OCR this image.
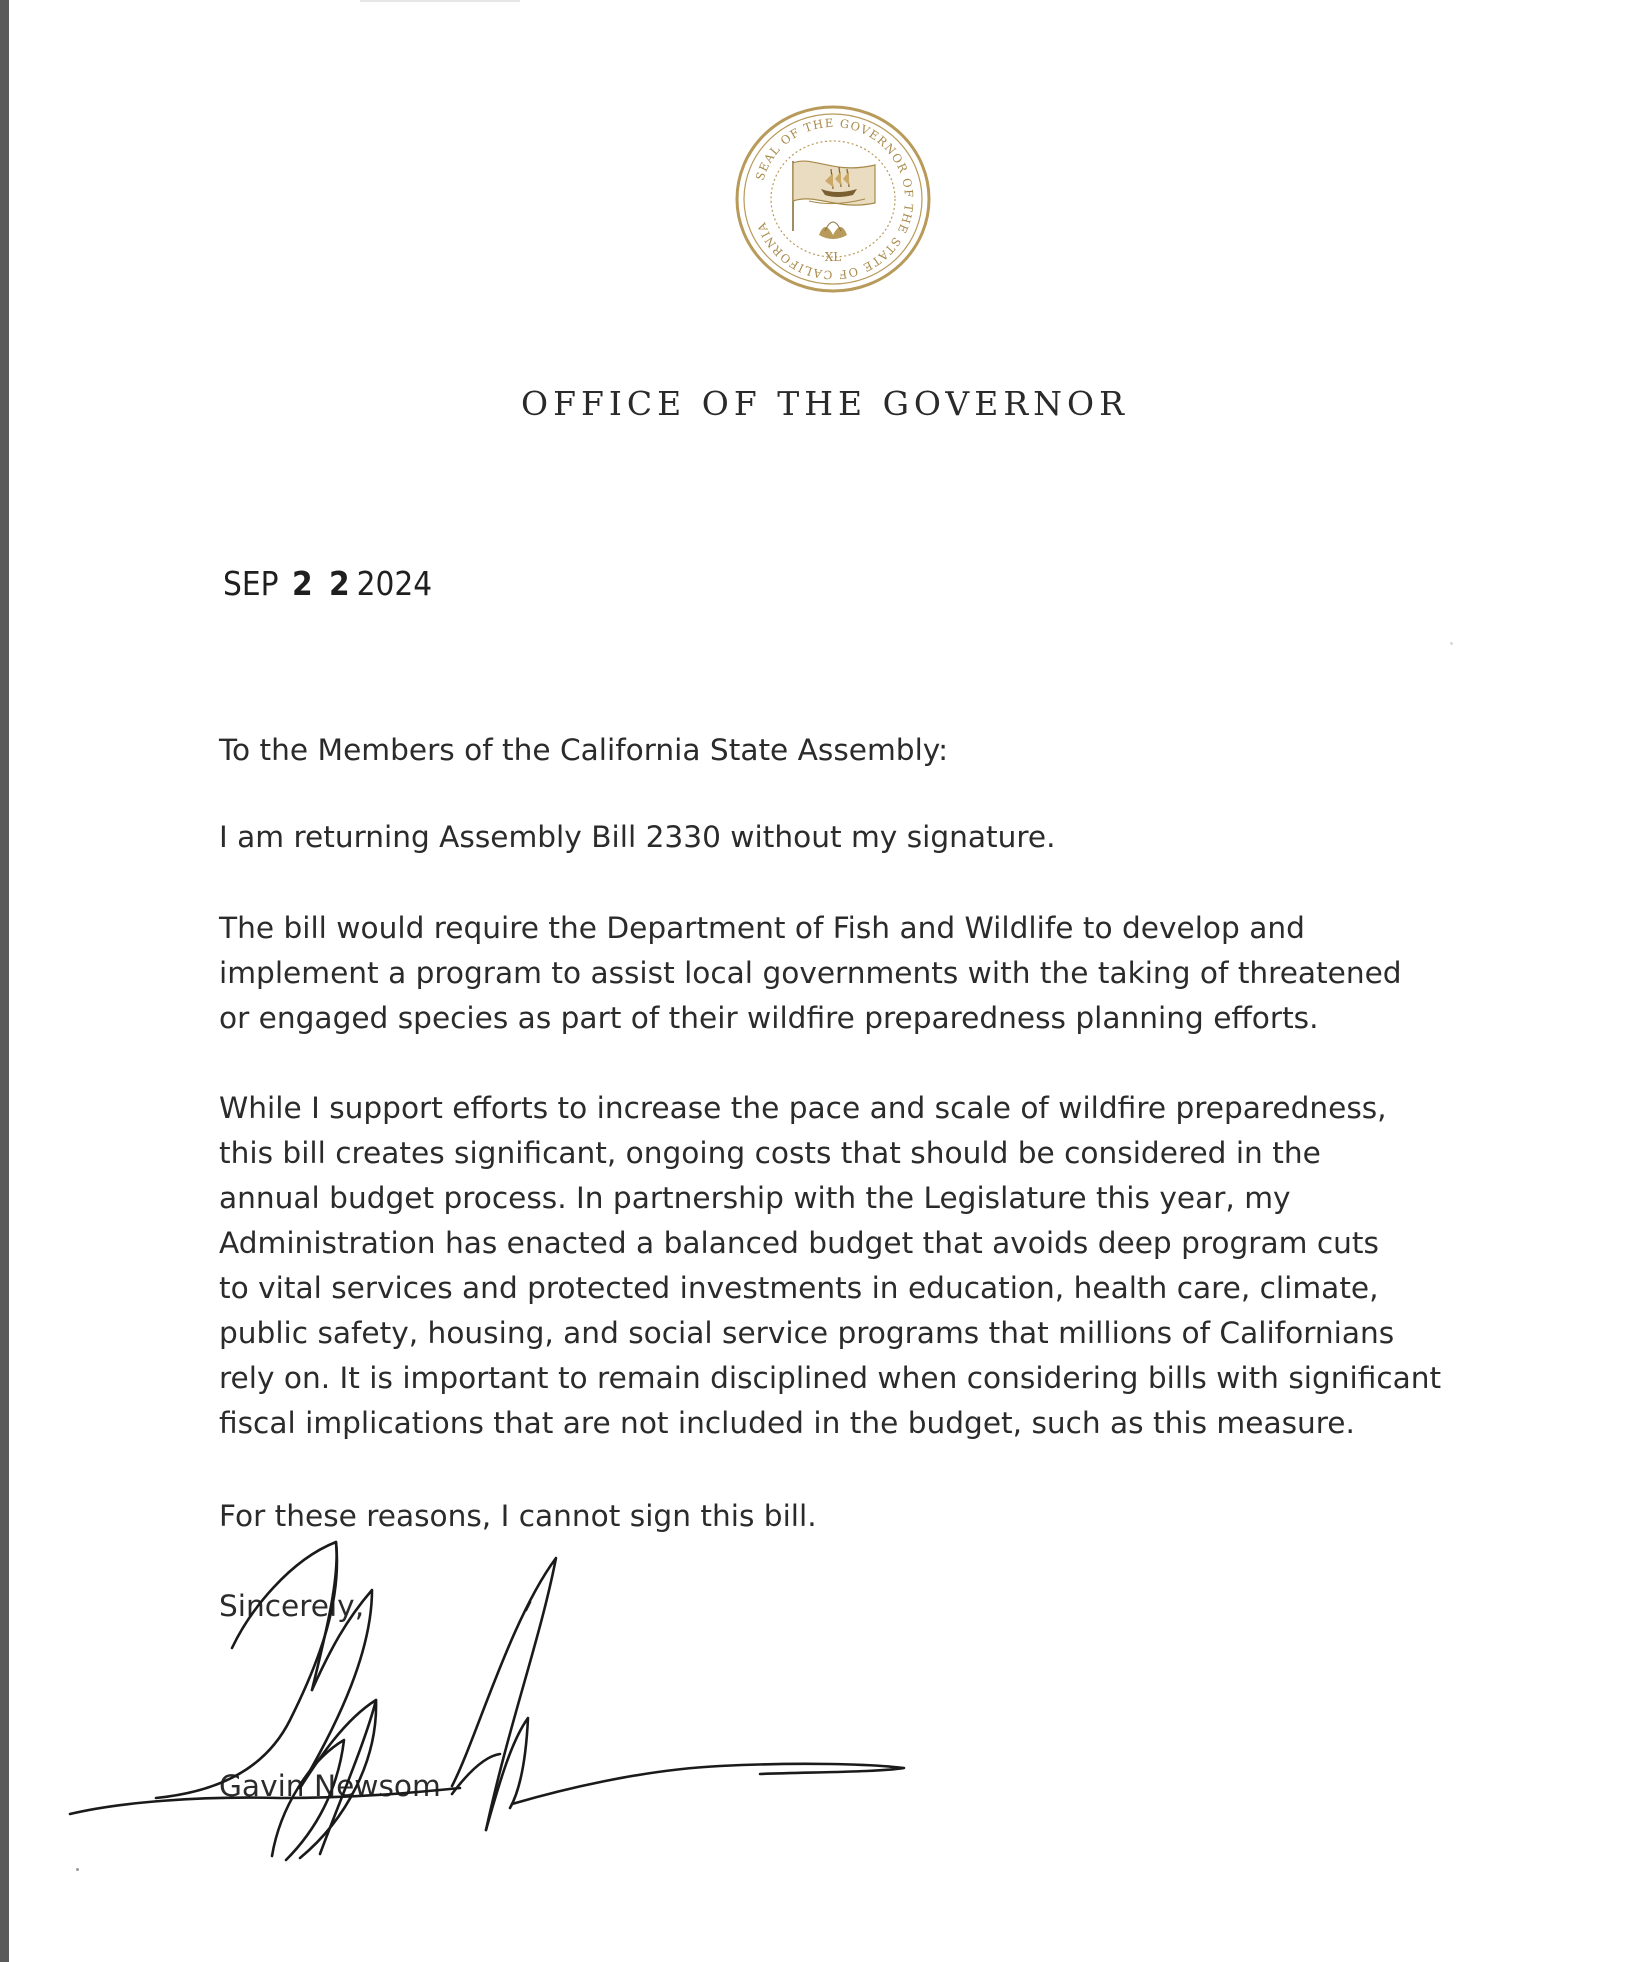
SEAL OF THE GOVERNOR OF THE STATE OF CALIFORNIA
XL
OFFICE OF THE GOVERNOR
SEP 2 2 2024

To the Members of the California State Assembly:

I am returning Assembly Bill 2330 without my signature.

The bill would require the Department of Fish and Wildlife to develop and
implement a program to assist local governments with the taking of threatened
or engaged species as part of their wildfire preparedness planning efforts.

While I support efforts to increase the pace and scale of wildfire preparedness,
this bill creates significant, ongoing costs that should be considered in the
annual budget process. In partnership with the Legislature this year, my
Administration has enacted a balanced budget that avoids deep program cuts
to vital services and protected investments in education, health care, climate,
public safety, housing, and social service programs that millions of Californians
rely on. It is important to remain disciplined when considering bills with significant
fiscal implications that are not included in the budget, such as this measure.

For these reasons, I cannot sign this bill.

Sincerely,

Gavin Newsom
